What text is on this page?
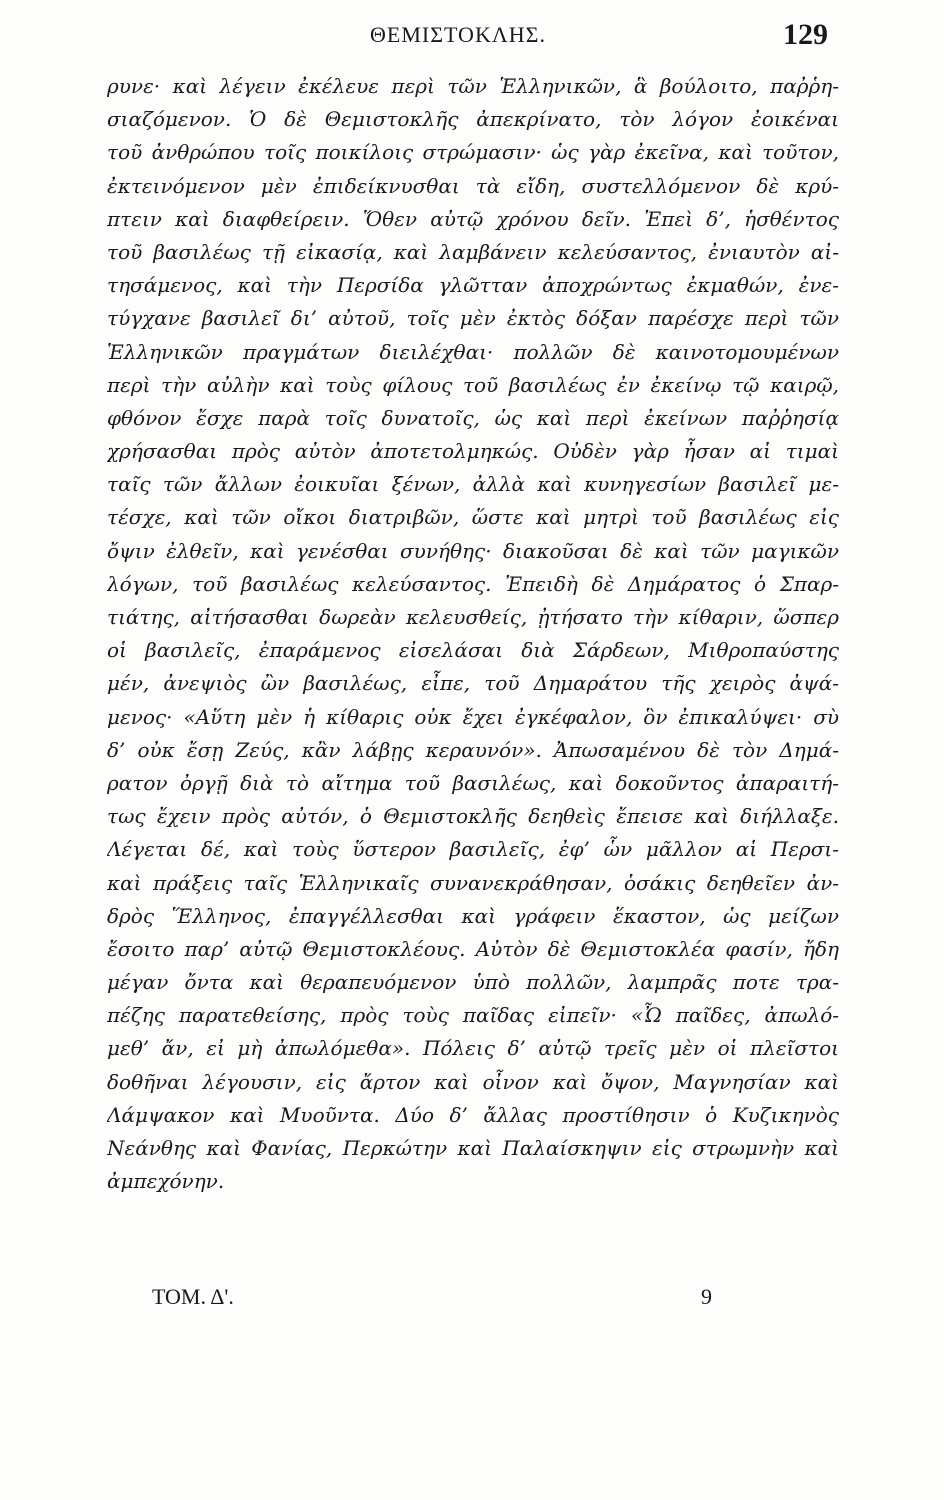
ΘΕΜΙΣΤΟΚΛΗΣ.	129
ρυνε· καὶ λέγειν ἐκέλευε περὶ τῶν Ἑλληνικῶν, ἃ βούλοιτο, παῤῥη-
σιαζόμενον. Ὁ δὲ Θεμιστοκλῆς ἀπεκρίνατο, τὸν λόγον ἐοικέναι
τοῦ ἀνθρώπου τοῖς ποικίλοις στρώμασιν· ὡς γὰρ ἐκεῖνα, καὶ τοῦτον,
ἐκτεινόμενον μὲν ἐπιδείκνυσθαι τὰ εἴδη, συστελλόμενον δὲ κρύ-
πτειν καὶ διαφθείρειν. Ὅθεν αὐτῷ χρόνου δεῖν. Ἐπεὶ δ’, ἡσθέντος
τοῦ βασιλέως τῇ εἰκασίᾳ, καὶ λαμβάνειν κελεύσαντος, ἐνιαυτὸν αἰ-
τησάμενος, καὶ τὴν Περσίδα γλῶτταν ἀποχρώντως ἐκμαθών, ἐνε-
τύγχανε βασιλεῖ δι’ αὐτοῦ, τοῖς μὲν ἐκτὸς δόξαν παρέσχε περὶ τῶν
Ἑλληνικῶν πραγμάτων διειλέχθαι· πολλῶν δὲ καινοτομουμένων
περὶ τὴν αὐλὴν καὶ τοὺς φίλους τοῦ βασιλέως ἐν ἐκείνῳ τῷ καιρῷ,
φθόνον ἔσχε παρὰ τοῖς δυνατοῖς, ὡς καὶ περὶ ἐκείνων παῤῥησίᾳ
χρήσασθαι πρὸς αὐτὸν ἀποτετολμηκώς. Οὐδὲν γὰρ ἦσαν αἱ τιμαὶ
ταῖς τῶν ἄλλων ἐοικυῖαι ξένων, ἀλλὰ καὶ κυνηγεσίων βασιλεῖ με-
τέσχε, καὶ τῶν οἴκοι διατριβῶν, ὥστε καὶ μητρὶ τοῦ βασιλέως εἰς
ὄψιν ἐλθεῖν, καὶ γενέσθαι συνήθης· διακοῦσαι δὲ καὶ τῶν μαγικῶν
λόγων, τοῦ βασιλέως κελεύσαντος. Ἐπειδὴ δὲ Δημάρατος ὁ Σπαρ-
τιάτης, αἰτήσασθαι δωρεὰν κελευσθείς, ᾐτήσατο τὴν κίθαριν, ὥσπερ
οἱ βασιλεῖς, ἐπαράμενος εἰσελάσαι διὰ Σάρδεων, Μιθροπαύστης
μέν, ἀνεψιὸς ὢν βασιλέως, εἶπε, τοῦ Δημαράτου τῆς χειρὸς ἀψά-
μενος· «Αὕτη μὲν ἡ κίθαρις οὐκ ἔχει ἐγκέφαλον, ὃν ἐπικαλύψει· σὺ
δ’ οὐκ ἔσῃ Ζεύς, κἂν λάβῃς κεραυνόν». Ἀπωσαμένου δὲ τὸν Δημά-
ρατον ὀργῇ διὰ τὸ αἴτημα τοῦ βασιλέως, καὶ δοκοῦντος ἀπαραιτή-
τως ἔχειν πρὸς αὐτόν, ὁ Θεμιστοκλῆς δεηθεὶς ἔπεισε καὶ διήλλαξε.
Λέγεται δέ, καὶ τοὺς ὕστερον βασιλεῖς, ἐφ’ ὧν μᾶλλον αἱ Περσι-
καὶ πράξεις ταῖς Ἑλληνικαῖς συνανεκράθησαν, ὁσάκις δεηθεῖεν ἀν-
δρὸς Ἕλληνος, ἐπαγγέλλεσθαι καὶ γράφειν ἕκαστον, ὡς μείζων
ἔσοιτο παρ’ αὐτῷ Θεμιστοκλέους. Αὐτὸν δὲ Θεμιστοκλέα φασίν, ἤδη
μέγαν ὄντα καὶ θεραπευόμενον ὑπὸ πολλῶν, λαμπρᾶς ποτε τρα-
πέζης παρατεθείσης, πρὸς τοὺς παῖδας εἰπεῖν· «Ὦ παῖδες, ἀπωλό-
μεθ’ ἄν, εἰ μὴ ἀπωλόμεθα». Πόλεις δ’ αὐτῷ τρεῖς μὲν οἱ πλεῖστοι
δοθῆναι λέγουσιν, εἰς ἄρτον καὶ οἶνον καὶ ὄψον, Μαγνησίαν καὶ
Λάμψακον καὶ Μυοῦντα. Δύο δ’ ἄλλας προστίθησιν ὁ Κυζικηνὸς
Νεάνθης καὶ Φανίας, Περκώτην καὶ Παλαίσκηψιν εἰς στρωμνὴν καὶ
ἀμπεχόνην.
ΤΟΜ. Δ'.	9
